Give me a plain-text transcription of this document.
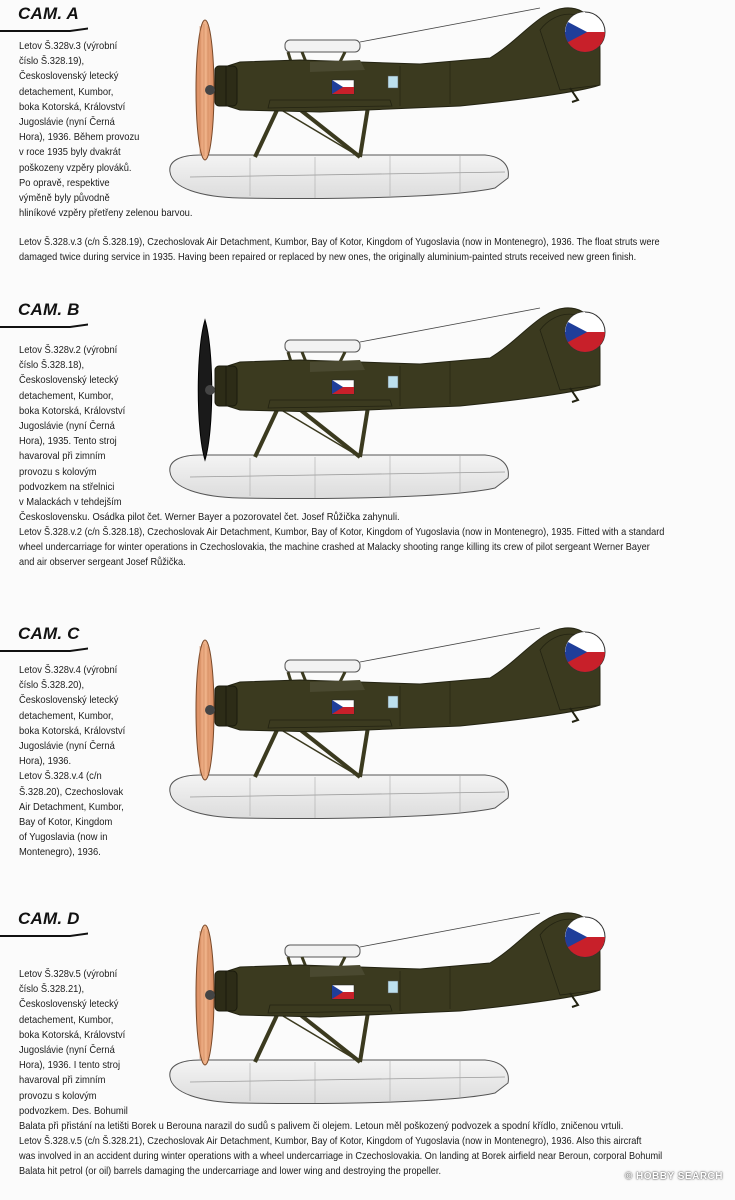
CAM. A
Letov Š.328v.3 (výrobní
číslo Š.328.19),
Československý letecký
detachement, Kumbor,
boka Kotorská, Království
Jugoslávie (nyní Černá
Hora), 1936. Během provozu
v roce 1935 byly dvakrát
poškozeny vzpěry plováků.
Po opravě, respektive
výměně byly původně
hliníkové vzpěry přetřeny zelenou barvou.
Letov Š.328.v.3 (c/n Š.328.19), Czechoslovak Air Detachment, Kumbor, Bay of Kotor, Kingdom of Yugoslavia (now in Montenegro), 1936. The float struts were
damaged twice during service in 1935. Having been repaired or replaced by new ones, the originally aluminium-painted struts received new green finish.
CAM. B
Letov Š.328v.2 (výrobní
číslo Š.328.18),
Československý letecký
detachement, Kumbor,
boka Kotorská, Království
Jugoslávie (nyní Černá
Hora), 1935. Tento stroj
havaroval při zimním
provozu s kolovým
podvozkem na střelnici
v Malackách v tehdejším
Československu. Osádka pilot čet. Werner Bayer a pozorovatel čet. Josef Růžička zahynuli.
Letov Š.328.v.2 (c/n Š.328.18), Czechoslovak Air Detachment, Kumbor, Bay of Kotor, Kingdom of Yugoslavia (now in Montenegro), 1935. Fitted with a standard
wheel undercarriage for winter operations in Czechoslovakia, the machine crashed at Malacky shooting range killing its crew of pilot sergeant Werner Bayer
and air observer sergeant Josef Růžička.
CAM. C
Letov Š.328v.4 (výrobní
číslo Š.328.20),
Československý letecký
detachement, Kumbor,
boka Kotorská, Království
Jugoslávie (nyní Černá
Hora), 1936.
Letov Š.328.v.4 (c/n
Š.328.20), Czechoslovak
Air Detachment, Kumbor,
Bay of Kotor, Kingdom
of Yugoslavia (now in
Montenegro), 1936.
CAM. D
Letov Š.328v.5 (výrobní
číslo Š.328.21),
Československý letecký
detachement, Kumbor,
boka Kotorská, Království
Jugoslávie (nyní Černá
Hora), 1936. I tento stroj
havaroval při zimním
provozu s kolovým
podvozkem. Des. Bohumil
Balata při přistání na letišti Borek u Berouna narazil do sudů s palivem či olejem. Letoun měl poškozený podvozek a spodní křídlo, zničenou vrtuli.
Letov Š.328.v.5 (c/n Š.328.21), Czechoslovak Air Detachment, Kumbor, Bay of Kotor, Kingdom of Yugoslavia (now in Montenegro), 1936. Also this aircraft
was involved in an accident during winter operations with a wheel undercarriage in Czechoslovakia. On landing at Borek airfield near Beroun, corporal Bohumil
Balata hit petrol (or oil) barrels damaging the undercarriage and lower wing and destroying the propeller.	© HOBBY SEARCH
